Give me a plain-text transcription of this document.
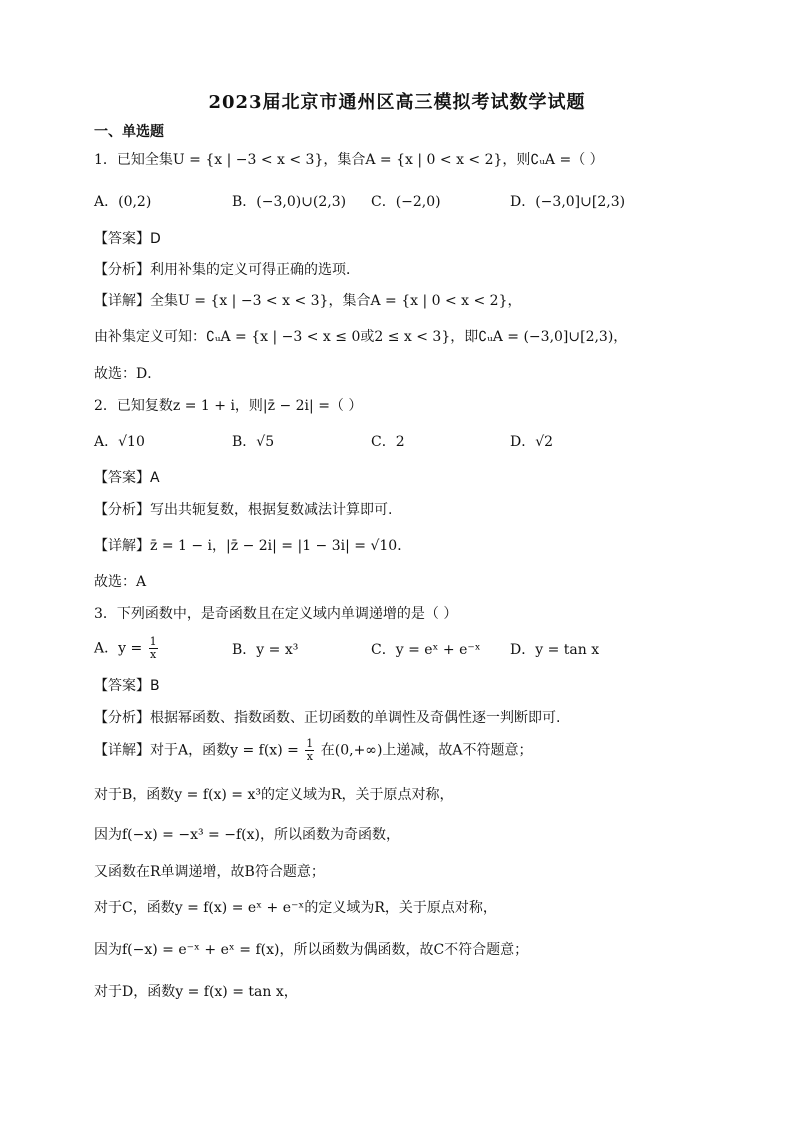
2023届北京市通州区高三模拟考试数学试题
一、单选题
1．已知全集U = {x | −3 < x < 3}，集合A = {x | 0 < x < 2}，则∁ᵤA =（ ）
A．(0,2)	B．(−3,0)∪(2,3) C．(−2,0)	D．(−3,0]∪[2,3)
【答案】D
【分析】利用补集的定义可得正确的选项．
【详解】全集U = {x | −3 < x < 3}，集合A = {x | 0 < x < 2}，
由补集定义可知：∁ᵤA = {x | −3 < x ≤ 0或2 ≤ x < 3}，即∁ᵤA = (−3,0]∪[2,3)，
故选：D．
2．已知复数z = 1 + i，则|z̄ − 2i| =（ ）
A．√10	B．√5	C．2	D．√2
【答案】A
【分析】写出共轭复数，根据复数减法计算即可.
【详解】z̄ = 1 − i，|z̄ − 2i| = |1 − 3i| = √10．
故选：A
3．下列函数中，是奇函数且在定义域内单调递增的是（ ）
A．$y = \frac{1}{x}$	B．y = x³	C．y = eˣ + e⁻ˣ D．y = tan x
【答案】B
【分析】根据幂函数、指数函数、正切函数的单调性及奇偶性逐一判断即可.
【详解】对于A，函数$y = f(x) = \frac{1}{x}$ 在(0,+∞)上递减，故A不符题意；
对于B，函数y = f(x) = x³的定义域为R，关于原点对称，
因为f(−x) = −x³ = −f(x)，所以函数为奇函数，
又函数在R单调递增，故B符合题意；
对于C，函数y = f(x) = eˣ + e⁻ˣ的定义域为R，关于原点对称，
因为f(−x) = e⁻ˣ + eˣ = f(x)，所以函数为偶函数，故C不符合题意；
对于D，函数y = f(x) = tan x，
